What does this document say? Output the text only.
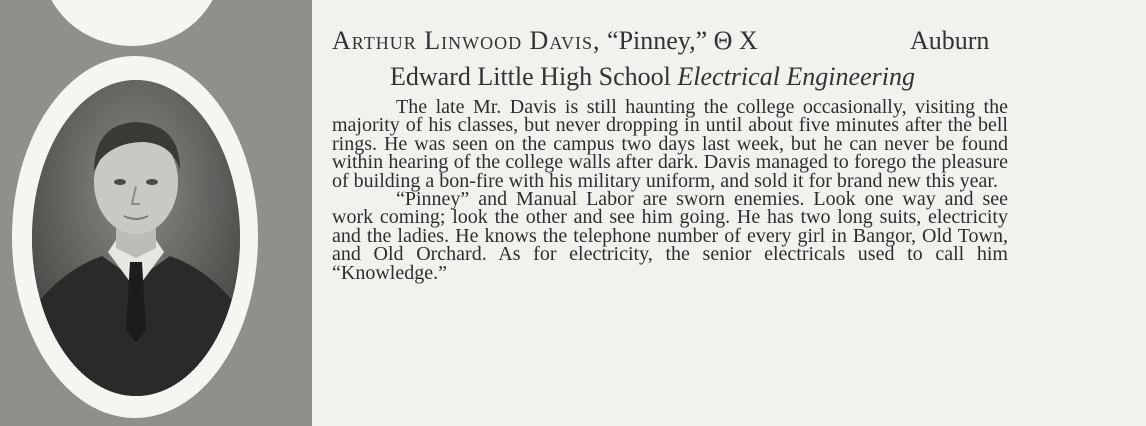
Arthur Linwood Davis, “Pinney,” Θ X	Auburn
Edward Little High School Electrical Engineering

The late Mr. Davis is still haunting the college occasionally, visiting the majority of his classes, but never dropping in until about five minutes after the bell rings. He was seen on the campus two days last week, but he can never be found within hearing of the college walls after dark. Davis managed to forego the pleasure of building a bon-fire with his military uniform, and sold it for brand new this year.

“Pinney” and Manual Labor are sworn enemies. Look one way and see work coming; look the other and see him going. He has two long suits, electricity and the ladies. He knows the telephone number of every girl in Bangor, Old Town, and Old Orchard. As for electricity, the senior electricals used to call him “Knowledge.”
